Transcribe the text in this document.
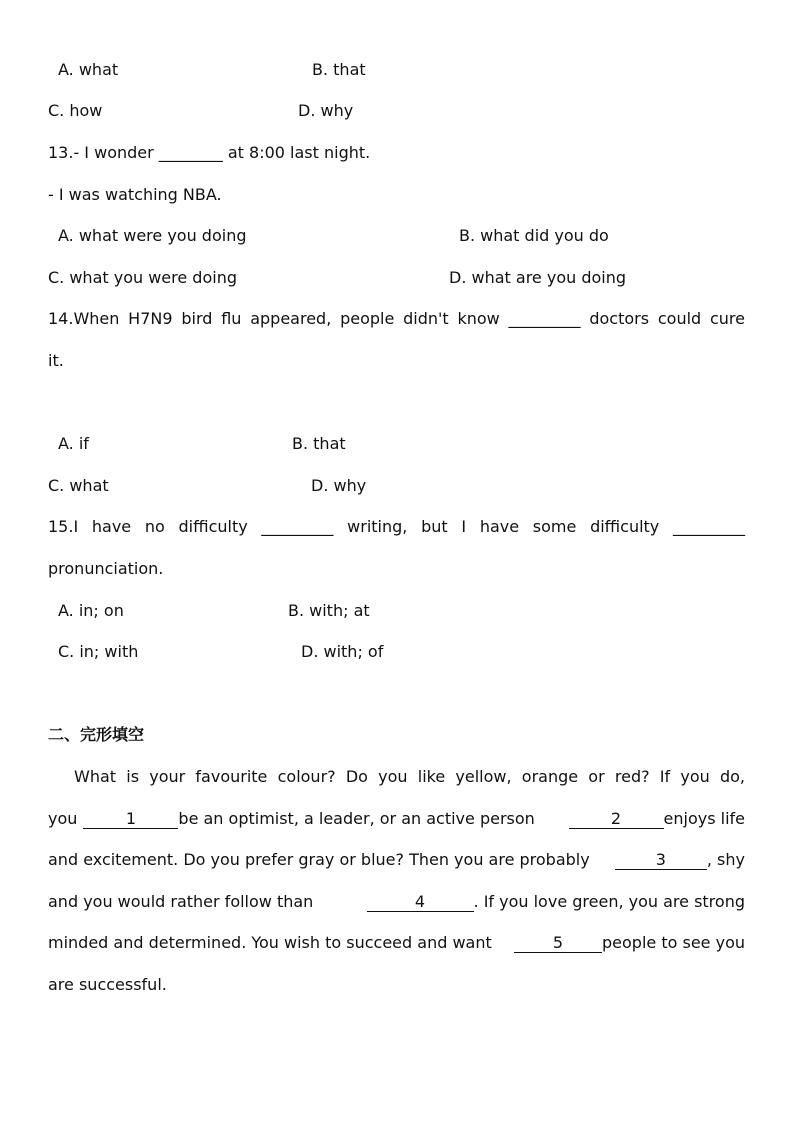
A. what	B. that
C. how	D. why
13.- I wonder ________ at 8:00 last night.
- I was watching NBA.
A. what were you doing	B. what did you do
C. what you were doing	D. what are you doing
14.When H7N9 bird flu appeared, people didn't know _________ doctors could cure
it.
A. if	B. that
C. what	D. why
15.I have no difficulty _________ writing, but I have some difficulty _________
pronunciation.
A. in; on	B. with; at
C. in; with	D. with; of
二、完形填空
What is your favourite colour? Do you like yellow, orange or red? If you do,
you	1	be an optimist, a leader, or an active person	2	enjoys life
and excitement. Do you prefer gray or blue? Then you are probably	3	, shy
and you would rather follow than	4	. If you love green, you are strong
minded and determined. You wish to succeed and want	5 people to see you
are successful.
